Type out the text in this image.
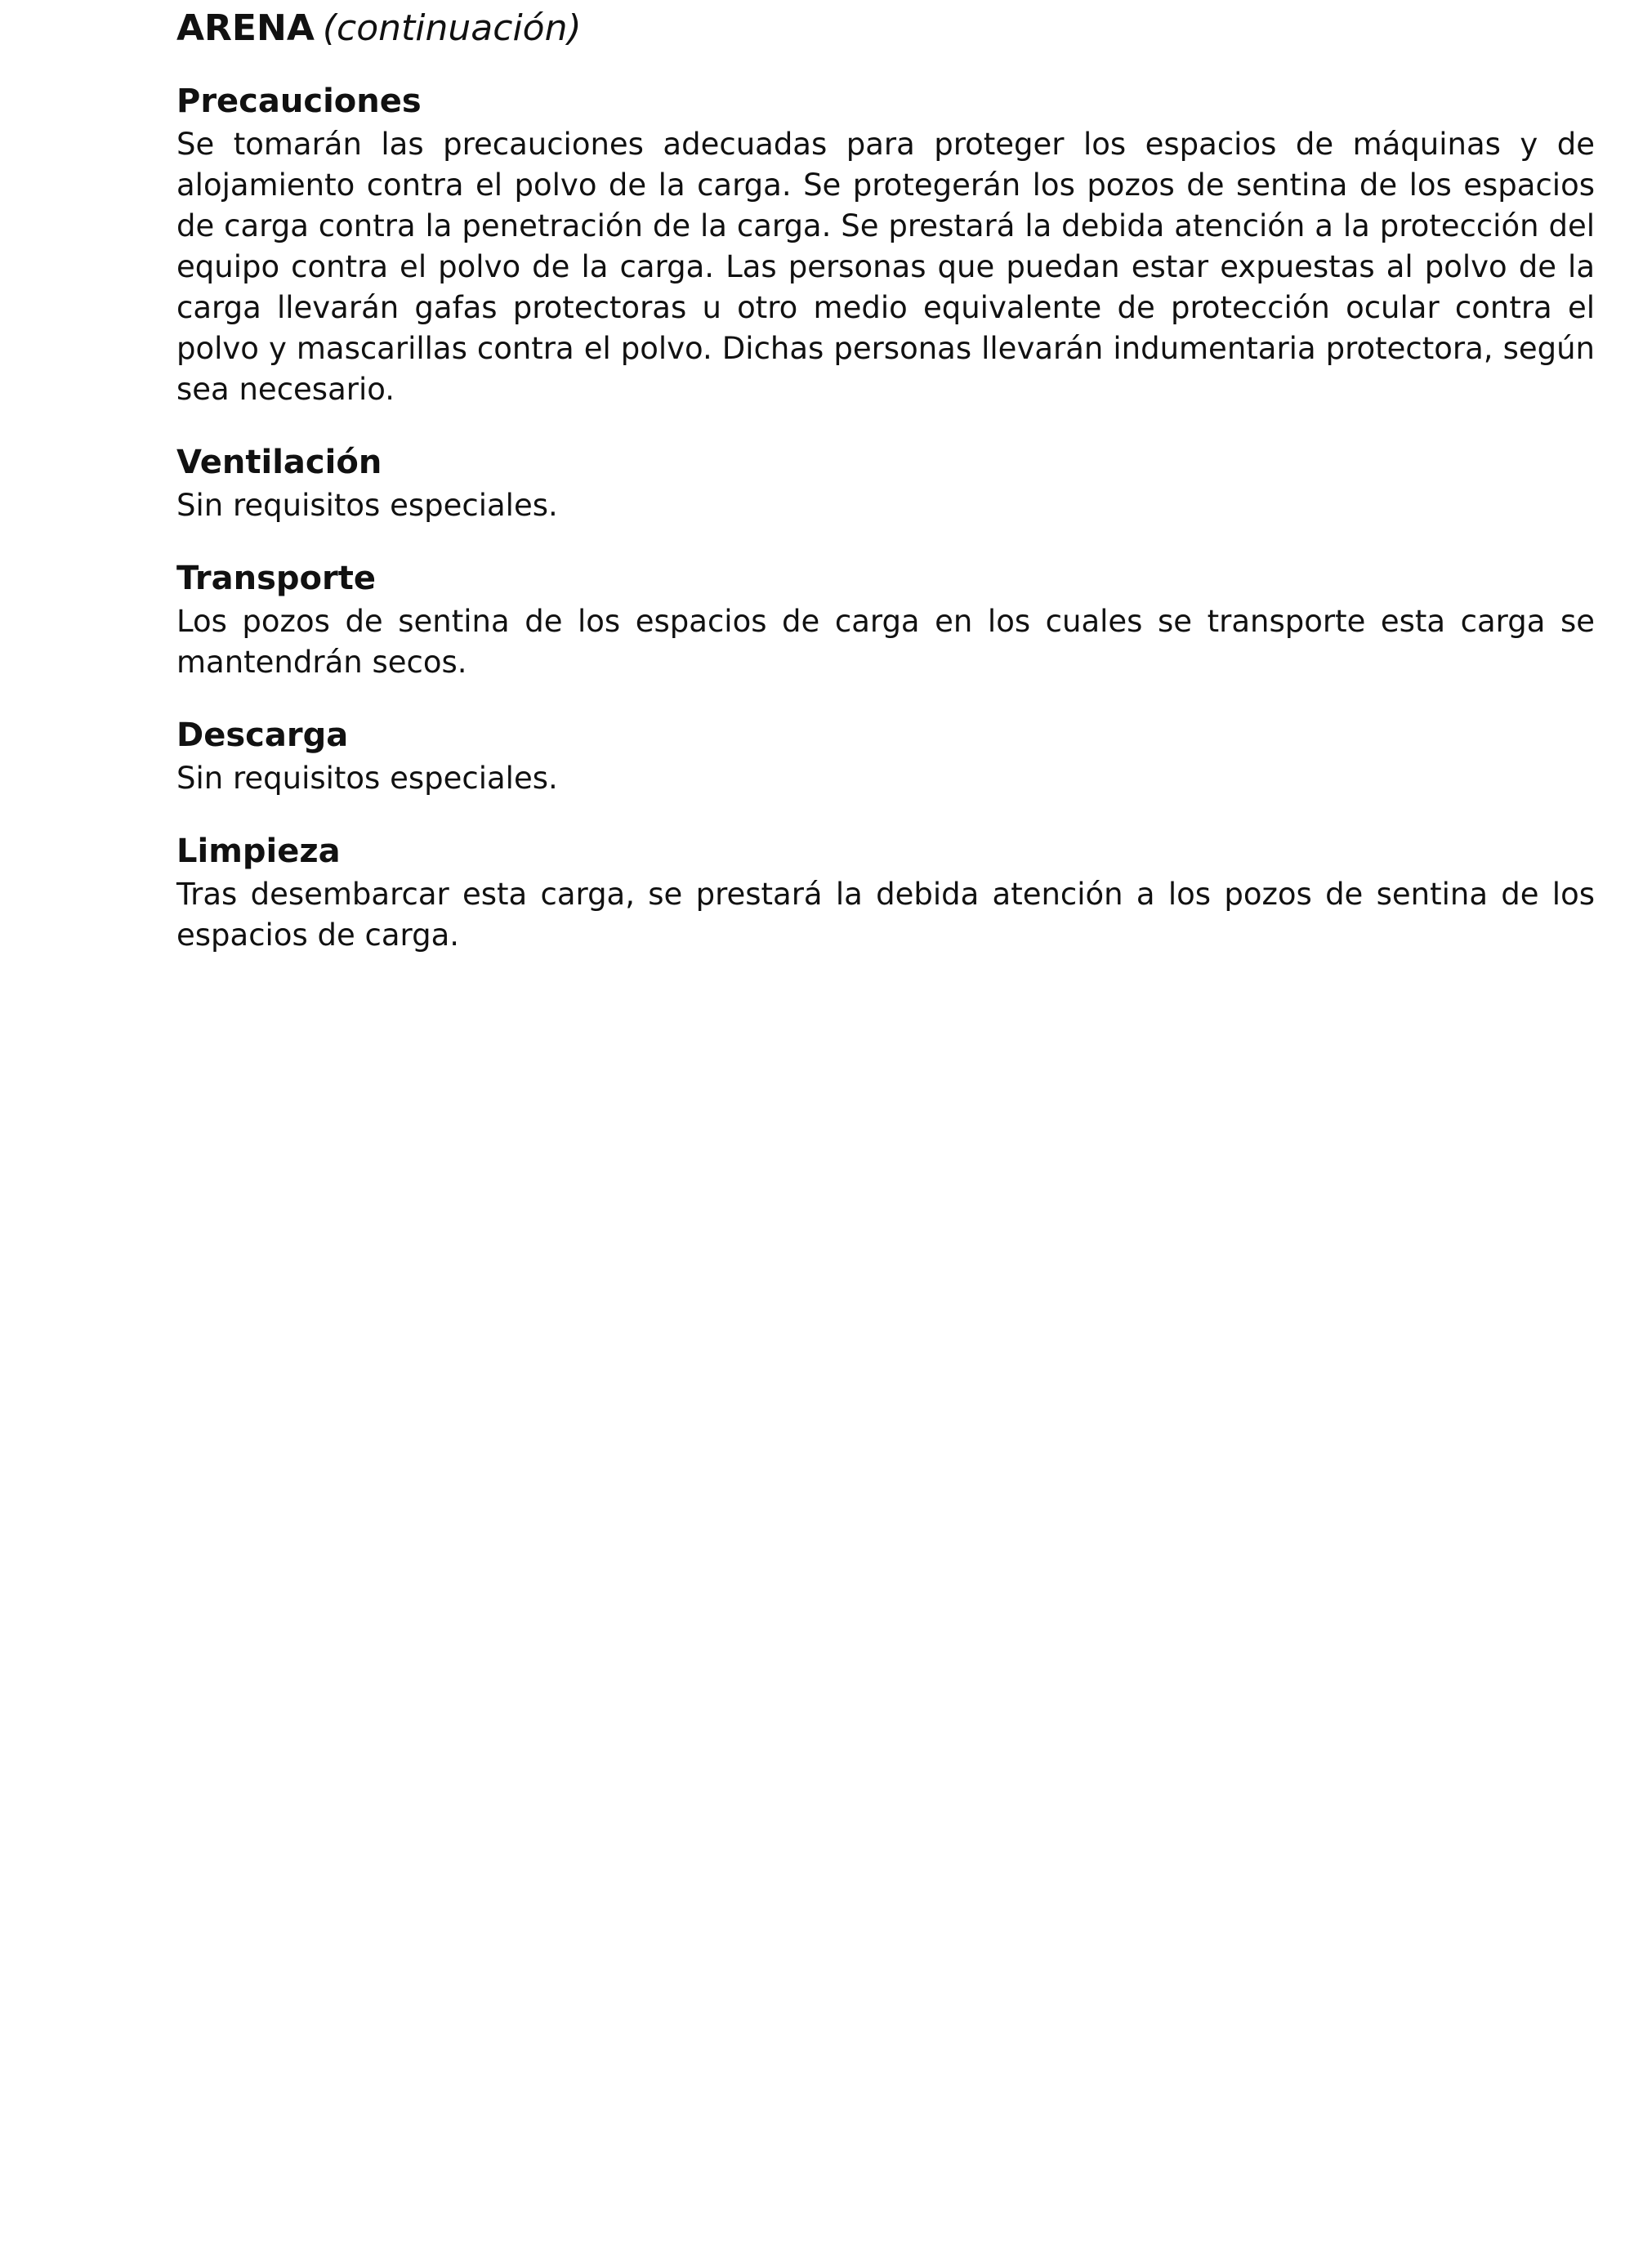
ARENA (continuación)
Precauciones

Se tomarán las precauciones adecuadas para proteger los espacios de máquinas y de alojamiento contra el polvo de la carga. Se protegerán los pozos de sentina de los espacios de carga contra la penetración de la carga. Se prestará la debida atención a la protección del equipo contra el polvo de la carga. Las personas que puedan estar expuestas al polvo de la carga llevarán gafas protectoras u otro medio equivalente de protección ocular contra el polvo y mascarillas contra el polvo. Dichas personas llevarán indumentaria protectora, según sea necesario.

Ventilación

Sin requisitos especiales.

Transporte

Los pozos de sentina de los espacios de carga en los cuales se transporte esta carga se mantendrán secos.

Descarga

Sin requisitos especiales.

Limpieza

Tras desembarcar esta carga, se prestará la debida atención a los pozos de sentina de los espacios de carga.
